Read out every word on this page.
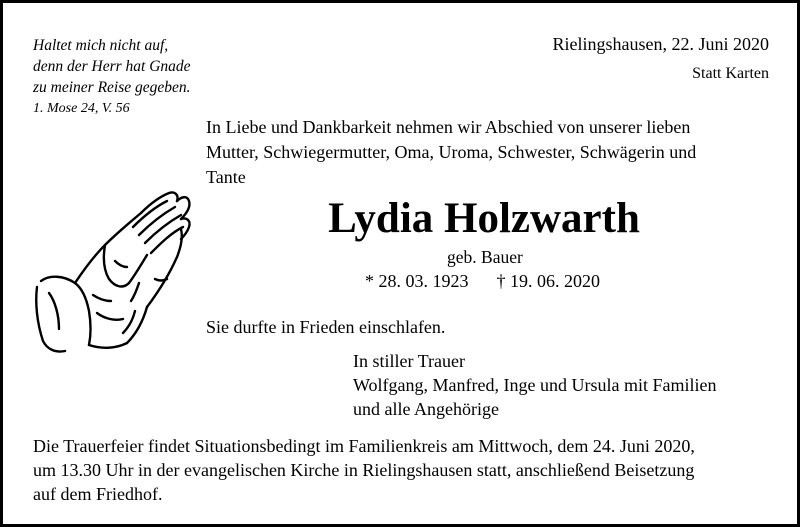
Haltet mich nicht auf,
denn der Herr hat Gnade
zu meiner Reise gegeben.
1. Mose 24, V. 56
Rielingshausen, 22. Juni 2020
Statt Karten
In Liebe und Dankbarkeit nehmen wir Abschied von unserer lieben
Mutter, Schwiegermutter, Oma, Uroma, Schwester, Schwägerin und
Tante
Lydia Holzwarth
geb. Bauer
* 28. 03. 1923 † 19. 06. 2020
Sie durfte in Frieden einschlafen.
In stiller Trauer
Wolfgang, Manfred, Inge und Ursula mit Familien
und alle Angehörige
Die Trauerfeier findet Situationsbedingt im Familienkreis am Mittwoch, dem 24. Juni 2020,
um 13.30 Uhr in der evangelischen Kirche in Rielingshausen statt, anschließend Beisetzung
auf dem Friedhof.
